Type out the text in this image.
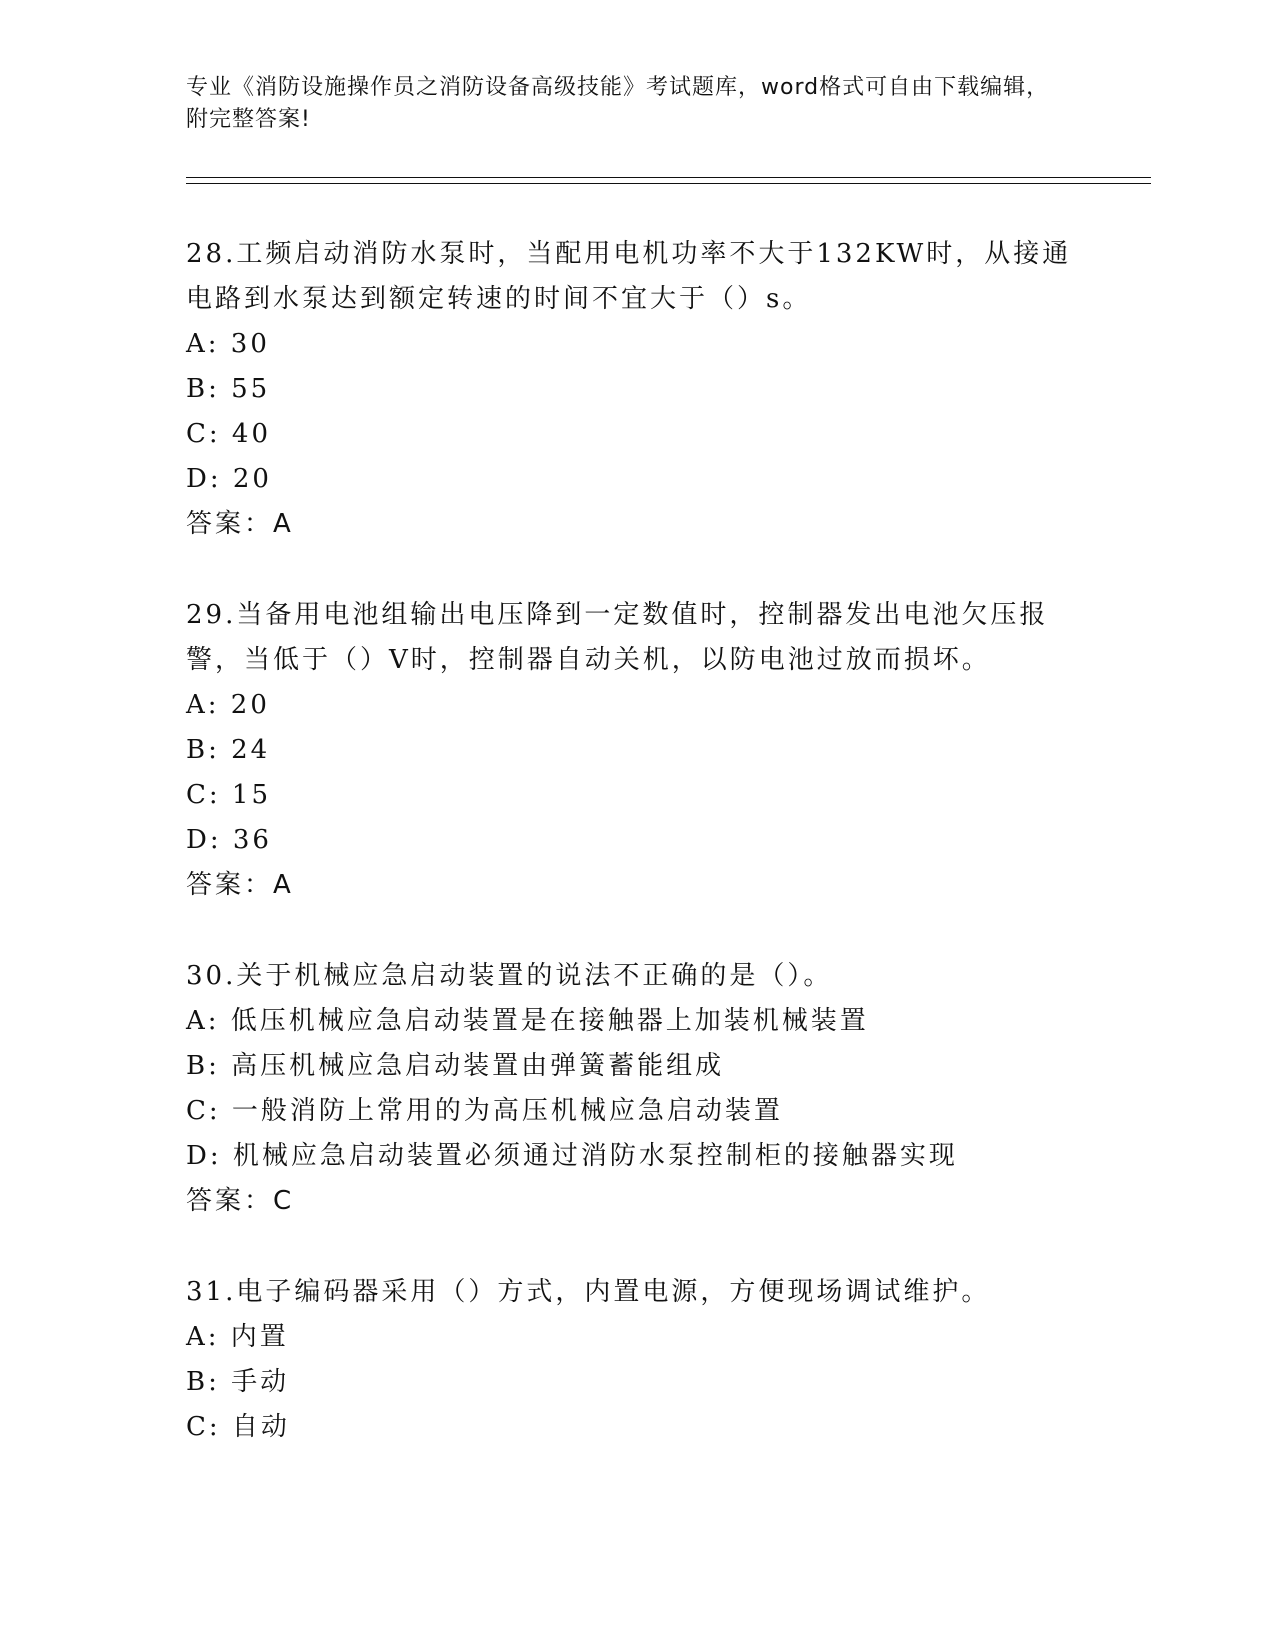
专业《消防设施操作员之消防设备高级技能》考试题库，word格式可自由下载编辑，附完整答案!
28.工频启动消防水泵时，当配用电机功率不大于132KW时，从接通电路到水泵达到额定转速的时间不宜大于（）s。
A: 30
B: 55
C: 40
D: 20
答案：A
29.当备用电池组输出电压降到一定数值时，控制器发出电池欠压报警，当低于（）V时，控制器自动关机，以防电池过放而损坏。
A: 20
B: 24
C: 15
D: 36
答案：A
30.关于机械应急启动装置的说法不正确的是（）。
A: 低压机械应急启动装置是在接触器上加装机械装置
B: 高压机械应急启动装置由弹簧蓄能组成
C: 一般消防上常用的为高压机械应急启动装置
D: 机械应急启动装置必须通过消防水泵控制柜的接触器实现
答案：C
31.电子编码器采用（）方式，内置电源，方便现场调试维护。
A: 内置
B: 手动
C: 自动
